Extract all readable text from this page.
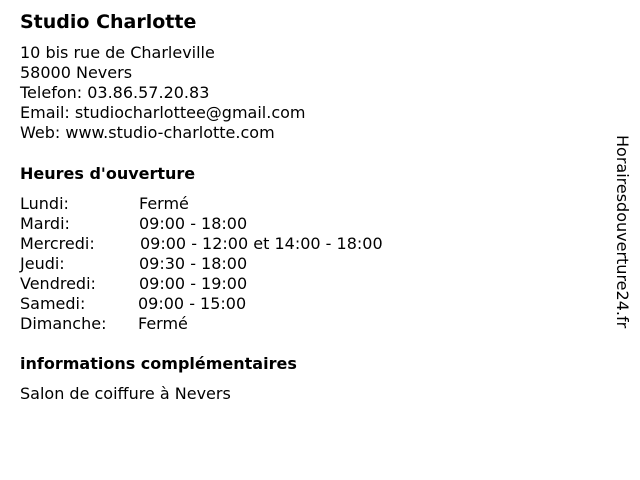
Studio Charlotte
10 bis rue de Charleville
58000 Nevers
Telefon: 03.86.57.20.83
Email: studiocharlottee@gmail.com
Web: www.studio-charlotte.com
Heures d'ouverture
Lundi:	Fermé
Mardi:	09:00 - 18:00
Mercredi:	09:00 - 12:00 et 14:00 - 18:00
Jeudi:	09:30 - 18:00
Vendredi:	09:00 - 19:00
Samedi:	09:00 - 15:00
Dimanche: Fermé
informations complémentaires
Salon de coiffure à Nevers
Horairesdouverture24.fr
